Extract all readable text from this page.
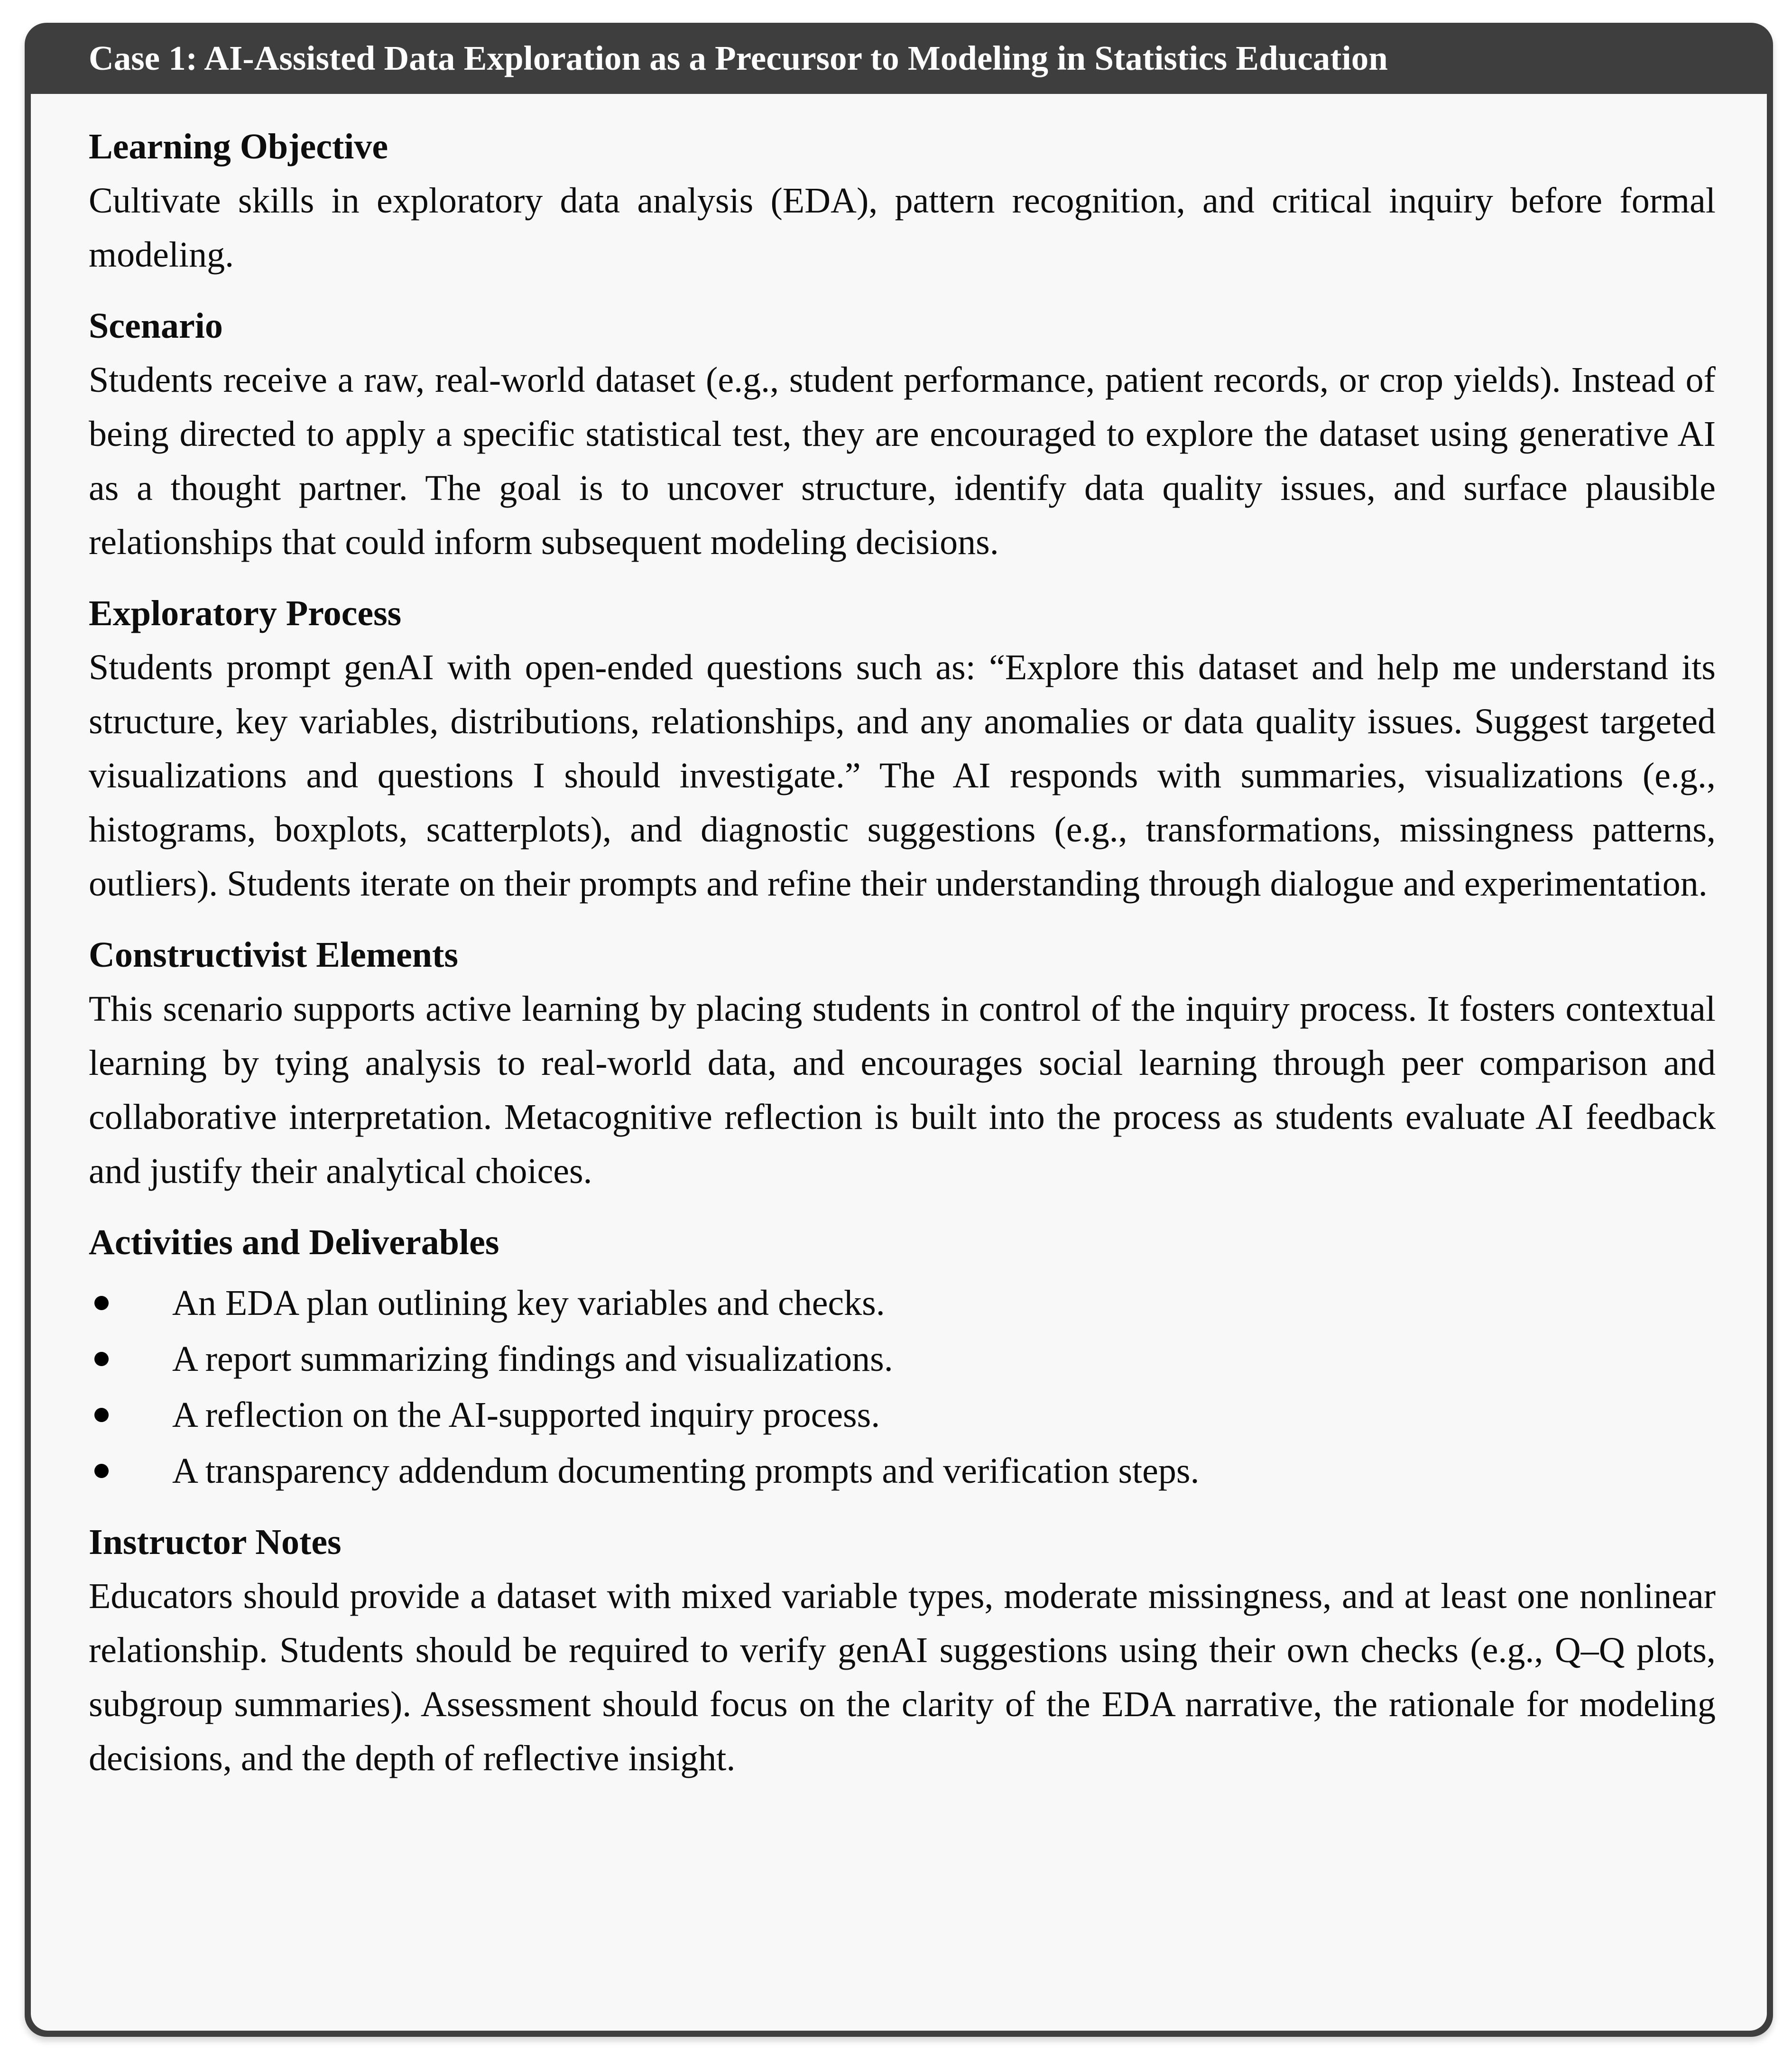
Case 1: AI-Assisted Data Exploration as a Precursor to Modeling in Statistics Education
Learning Objective

Cultivate skills in exploratory data analysis (EDA), pattern recognition, and critical inquiry before formal modeling.

Scenario

Students receive a raw, real-world dataset (e.g., student performance, patient records, or crop yields). Instead of being directed to apply a specific statistical test, they are encouraged to explore the dataset using generative AI as a thought partner. The goal is to uncover structure, identify data quality issues, and surface plausible relationships that could inform subsequent modeling decisions.

Exploratory Process

Students prompt genAI with open-ended questions such as: “Explore this dataset and help me understand its structure, key variables, distributions, relationships, and any anomalies or data quality issues. Suggest targeted visualizations and questions I should investigate.” The AI responds with summaries, visualizations (e.g., histograms, boxplots, scatterplots), and diagnostic suggestions (e.g., transformations, missingness patterns, outliers). Students iterate on their prompts and refine their understanding through dialogue and experimentation.

Constructivist Elements

This scenario supports active learning by placing students in control of the inquiry process. It fosters contextual learning by tying analysis to real-world data, and encourages social learning through peer comparison and collaborative interpretation. Metacognitive reflection is built into the process as students evaluate AI feedback and justify their analytical choices.

Activities and Deliverables
An EDA plan outlining key variables and checks.
A report summarizing findings and visualizations.
A reflection on the AI-supported inquiry process.
A transparency addendum documenting prompts and verification steps.
Instructor Notes

Educators should provide a dataset with mixed variable types, moderate missingness, and at least one nonlinear relationship. Students should be required to verify genAI suggestions using their own checks (e.g., Q–Q plots, subgroup summaries). Assessment should focus on the clarity of the EDA narrative, the rationale for modeling decisions, and the depth of reflective insight.
